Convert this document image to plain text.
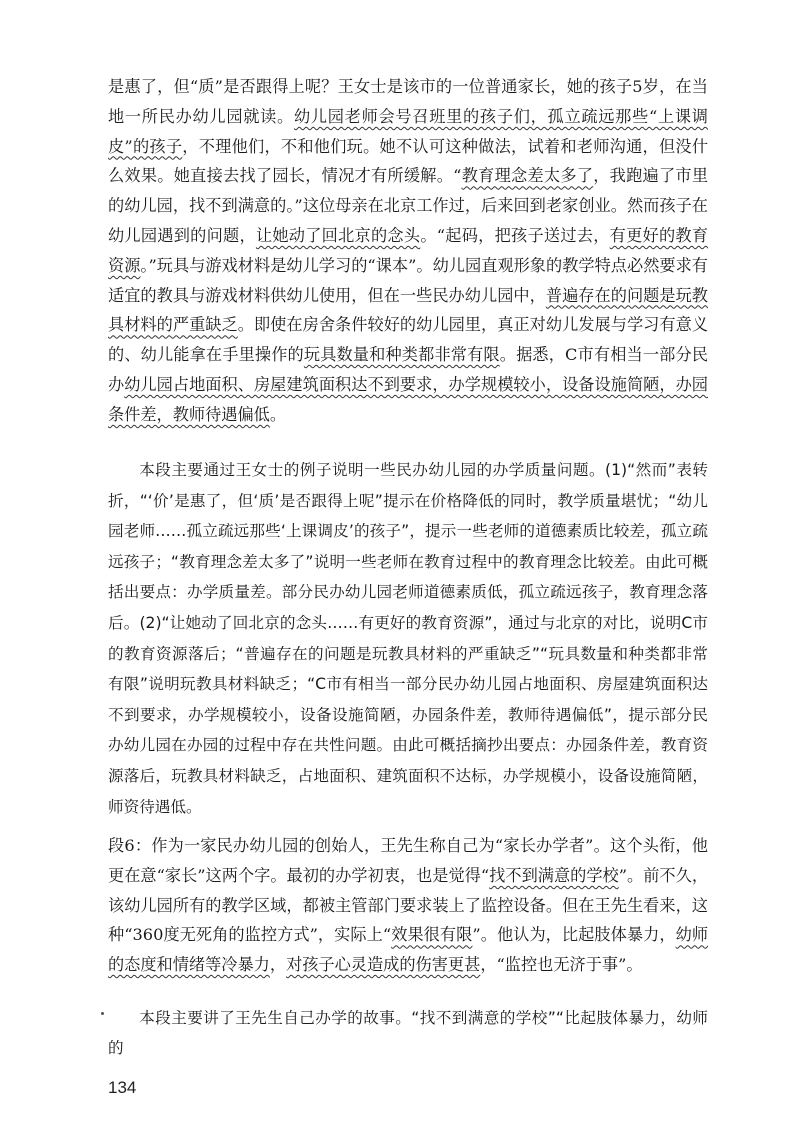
是惠了，但“质”是否跟得上呢？王女士是该市的一位普通家长，她的孩子5岁，在当地一所民办幼儿园就读。幼儿园老师会号召班里的孩子们，孤立疏远那些“上课调皮”的孩子，不理他们，不和他们玩。她不认可这种做法，试着和老师沟通，但没什么效果。她直接去找了园长，情况才有所缓解。“教育理念差太多了，我跑遍了市里的幼儿园，找不到满意的。”这位母亲在北京工作过，后来回到老家创业。然而孩子在幼儿园遇到的问题，让她动了回北京的念头。“起码，把孩子送过去，有更好的教育资源。”玩具与游戏材料是幼儿学习的“课本”。幼儿园直观形象的教学特点必然要求有适宜的教具与游戏材料供幼儿使用，但在一些民办幼儿园中，普遍存在的问题是玩教具材料的严重缺乏。即使在房舍条件较好的幼儿园里，真正对幼儿发展与学习有意义的、幼儿能拿在手里操作的玩具数量和种类都非常有限。据悉，C市有相当一部分民办幼儿园占地面积、房屋建筑面积达不到要求，办学规模较小，设备设施简陋，办园条件差，教师待遇偏低。

本段主要通过王女士的例子说明一些民办幼儿园的办学质量问题。(1)“然而”表转折，“‘价’是惠了，但‘质’是否跟得上呢”提示在价格降低的同时，教学质量堪忧；“幼儿园老师……孤立疏远那些‘上课调皮’的孩子”，提示一些老师的道德素质比较差，孤立疏远孩子；“教育理念差太多了”说明一些老师在教育过程中的教育理念比较差。由此可概括出要点：办学质量差。部分民办幼儿园老师道德素质低，孤立疏远孩子，教育理念落后。(2)“让她动了回北京的念头……有更好的教育资源”，通过与北京的对比，说明C市的教育资源落后；“普遍存在的问题是玩教具材料的严重缺乏”“玩具数量和种类都非常有限”说明玩教具材料缺乏；“C市有相当一部分民办幼儿园占地面积、房屋建筑面积达不到要求，办学规模较小，设备设施简陋，办园条件差，教师待遇偏低”，提示部分民办幼儿园在办园的过程中存在共性问题。由此可概括摘抄出要点：办园条件差，教育资源落后，玩教具材料缺乏，占地面积、建筑面积不达标，办学规模小，设备设施简陋，师资待遇低。

段6：作为一家民办幼儿园的创始人，王先生称自己为“家长办学者”。这个头衔，他更在意“家长”这两个字。最初的办学初衷，也是觉得“找不到满意的学校”。前不久，该幼儿园所有的教学区域，都被主管部门要求装上了监控设备。但在王先生看来，这种“360度无死角的监控方式”，实际上“效果很有限”。他认为，比起肢体暴力，幼师的态度和情绪等冷暴力，对孩子心灵造成的伤害更甚，“监控也无济于事”。

本段主要讲了王先生自己办学的故事。“找不到满意的学校”“比起肢体暴力，幼师的

134
